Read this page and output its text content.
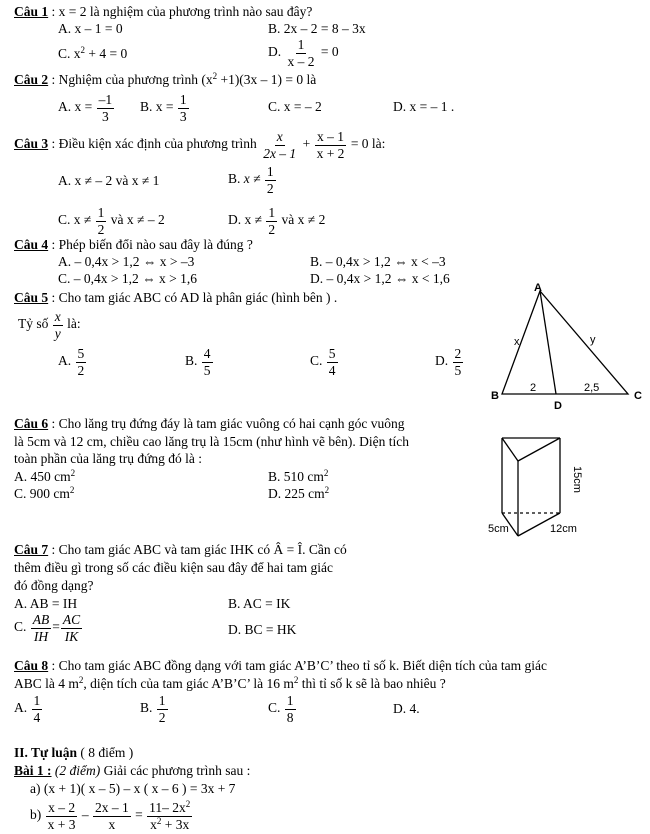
Câu 1 : x = 2 là nghiệm của phương trình nào sau đây?
A. x – 1 = 0	B. 2x – 2 = 8 – 3x
C. $x^2 + 4 = 0$	D. $\frac{1}{x - 2} = 0$
Câu 2 : Nghiệm của phương trình $(x^2 +1)(3x - 1) = 0$ là
A. $x = \frac{-1}{3} B$. $x = \frac{1}{3}$	C. x = – 2	D. x = – 1 .
Câu 3 : Điều kiện xác định của phương trình $\frac{x}{2x - 1} + \frac{x - 1}{x + 2} = 0$ là:
A. x ≠ – 2 và x ≠ 1	B. $x \ne \frac{1}{2}$
C. $x \ne \frac{1}{2}$ và x ≠ – 2	D. $x \ne \frac{1}{2}$ và x ≠ 2
Câu 4 : Phép biến đổi nào sau đây là đúng ?
A. – 0,4x > 1,2 ⇔ x > –3	B. – 0,4x > 1,2 ⇔ x < –3
C. – 0,4x > 1,2 ⇔ x > 1,6	D. – 0,4x > 1,2 ⇔ x < 1,6
Câu 5 : Cho tam giác ABC có AD là phân giác (hình bên ) .
Tỷ số $\frac{x}{y}$ là:
A. $\frac{5}{2}$	B. $\frac{4}{5}$	C. $\frac{5}{4}$	D. $\frac{2}{5}$
A
B	C
D
x	y
2	2,5
Câu 6 : Cho lăng trụ đứng đáy là tam giác vuông có hai cạnh góc vuông
là 5cm và 12 cm, chiều cao lăng trụ là 15cm (như hình vẽ bên). Diện tích
toàn phần của lăng trụ đứng đó là :
A. 450 $cm^2$	B. 510 $cm^2$
C. 900 $cm^2$	D. 225 $cm^2$	15cm
5cm	12cm
Câu 7 : Cho tam giác ABC và tam giác IHK có Â = Î. Cần có
thêm điều gì trong số các điều kiện sau đây để hai tam giác
đó đồng dạng?
A. AB = IH	B. AC = IK
C. $\frac{AB}{IH} = \frac{AC}{IK}$	D. BC = HK
Câu 8 : Cho tam giác ABC đồng dạng với tam giác A’B’C’ theo tỉ số k. Biết diện tích của tam giác
ABC là 4 $m^2$, diện tích của tam giác A’B’C’ là 16 $m^2$ thì tỉ số k sẽ là bao nhiêu ?
A. $\frac{1}{4}$	B. $\frac{1}{2}$	C. $\frac{1}{8}$	D. 4.
II. Tự luận ( 8 điểm )
Bài 1 : (2 điểm) Giải các phương trình sau :
a) (x + 1)( x – 5) – x ( x – 6 ) = 3x + 7
$b) \frac{x - 2}{x + 3} - \frac{2x - 1}{x} = \frac{11- 2x^2}{x^2 + 3x}$
